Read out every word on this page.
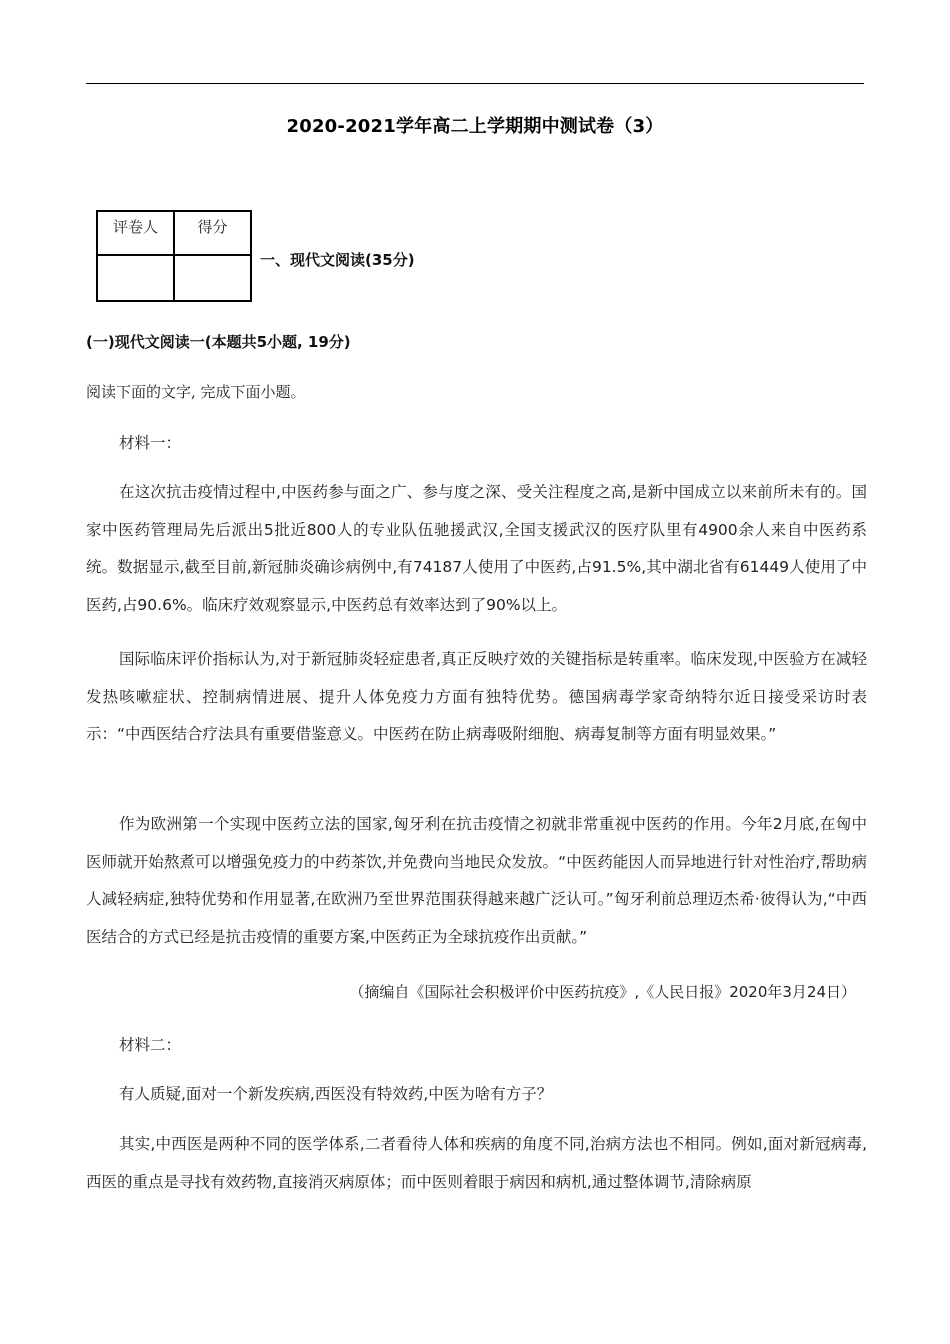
2020-2021学年高二上学期期中测试卷（3）
评卷人	得分

一、现代文阅读(35分)
(一)现代文阅读一(本题共5小题, 19分)
阅读下面的文字, 完成下面小题。
材料一：

在这次抗击疫情过程中,中医药参与面之广、参与度之深、受关注程度之高,是新中国成立以来前所未有的。国家中医药管理局先后派出5批近800人的专业队伍驰援武汉,全国支援武汉的医疗队里有4900余人来自中医药系统。数据显示,截至目前,新冠肺炎确诊病例中,有74187人使用了中医药,占91.5%,其中湖北省有61449人使用了中医药,占90.6%。临床疗效观察显示,中医药总有效率达到了90%以上。

国际临床评价指标认为,对于新冠肺炎轻症患者,真正反映疗效的关键指标是转重率。临床发现,中医验方在减轻发热咳嗽症状、控制病情进展、提升人体免疫力方面有独特优势。德国病毒学家奇纳特尔近日接受采访时表示：“中西医结合疗法具有重要借鉴意义。中医药在防止病毒吸附细胞、病毒复制等方面有明显效果。”

作为欧洲第一个实现中医药立法的国家,匈牙利在抗击疫情之初就非常重视中医药的作用。今年2月底,在匈中医师就开始熬煮可以增强免疫力的中药茶饮,并免费向当地民众发放。“中医药能因人而异地进行针对性治疗,帮助病人减轻病症,独特优势和作用显著,在欧洲乃至世界范围获得越来越广泛认可。”匈牙利前总理迈杰希·彼得认为,“中西医结合的方式已经是抗击疫情的重要方案,中医药正为全球抗疫作出贡献。”

（摘编自《国际社会积极评价中医药抗疫》,《人民日报》2020年3月24日）
材料二：

有人质疑,面对一个新发疾病,西医没有特效药,中医为啥有方子？

其实,中西医是两种不同的医学体系,二者看待人体和疾病的角度不同,治病方法也不相同。例如,面对新冠病毒,西医的重点是寻找有效药物,直接消灭病原体；而中医则着眼于病因和病机,通过整体调节,清除病原
